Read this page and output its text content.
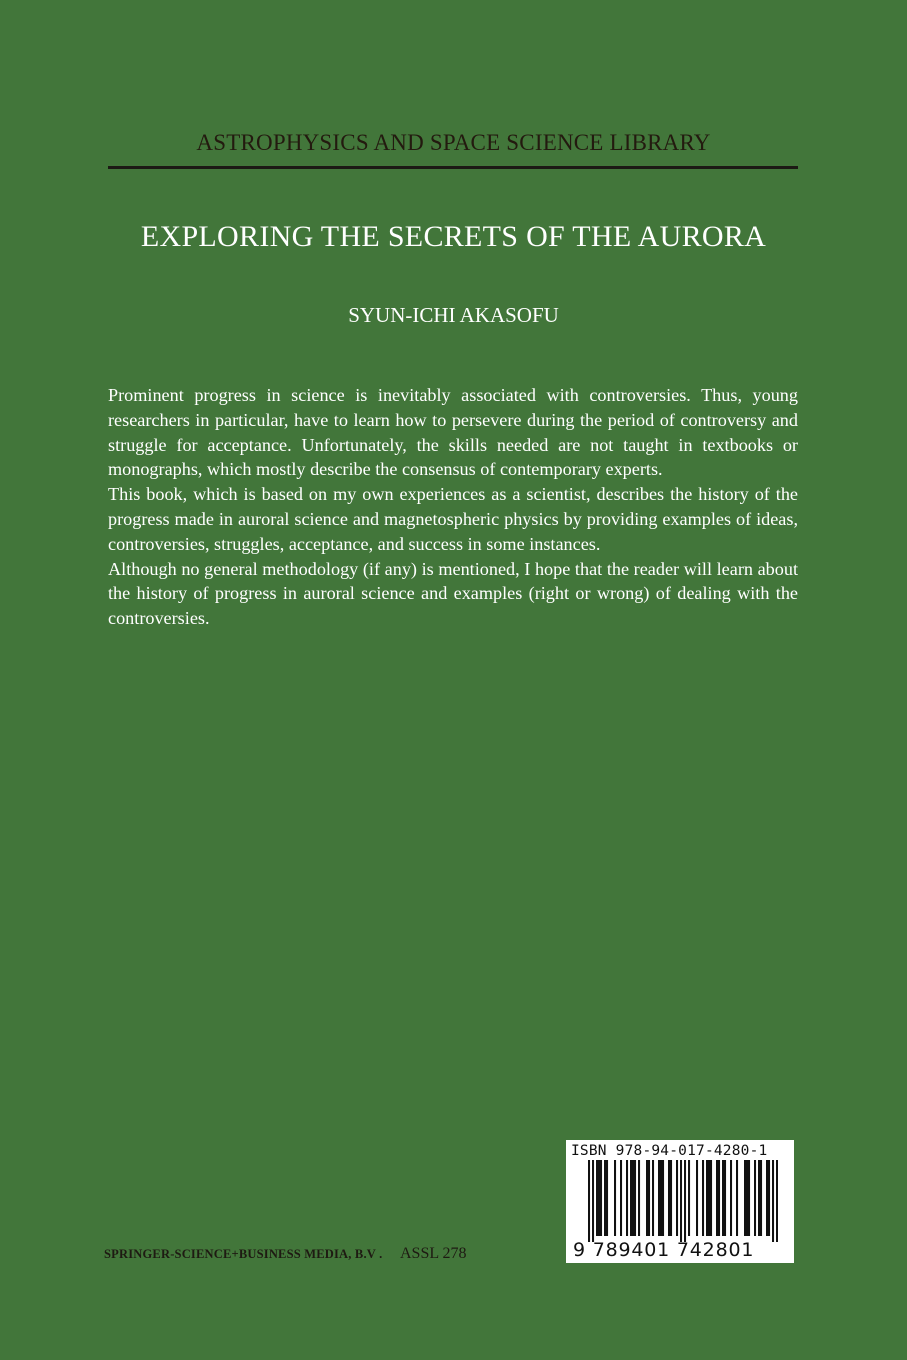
ASTROPHYSICS AND SPACE SCIENCE LIBRARY
EXPLORING THE SECRETS OF THE AURORA
SYUN-ICHI AKASOFU

Prominent progress in science is inevitably associated with controversies. Thus, young researchers in particular, have to learn how to persevere during the period of controversy and struggle for acceptance. Unfortunately, the skills needed are not taught in textbooks or monographs, which mostly describe the consensus of contemporary experts.

This book, which is based on my own experiences as a scientist, describes the history of the progress made in auroral science and magnetospheric physics by providing examples of ideas, controversies, struggles, acceptance, and success in some instances.

Although no general methodology (if any) is mentioned, I hope that the reader will learn about the history of progress in auroral science and examples (right or wrong) of dealing with the controversies.

SPRINGER-SCIENCE+BUSINESS MEDIA, B.V . ASSL 278
ISBN 978-94-017-4280-1
9 789401 742801
